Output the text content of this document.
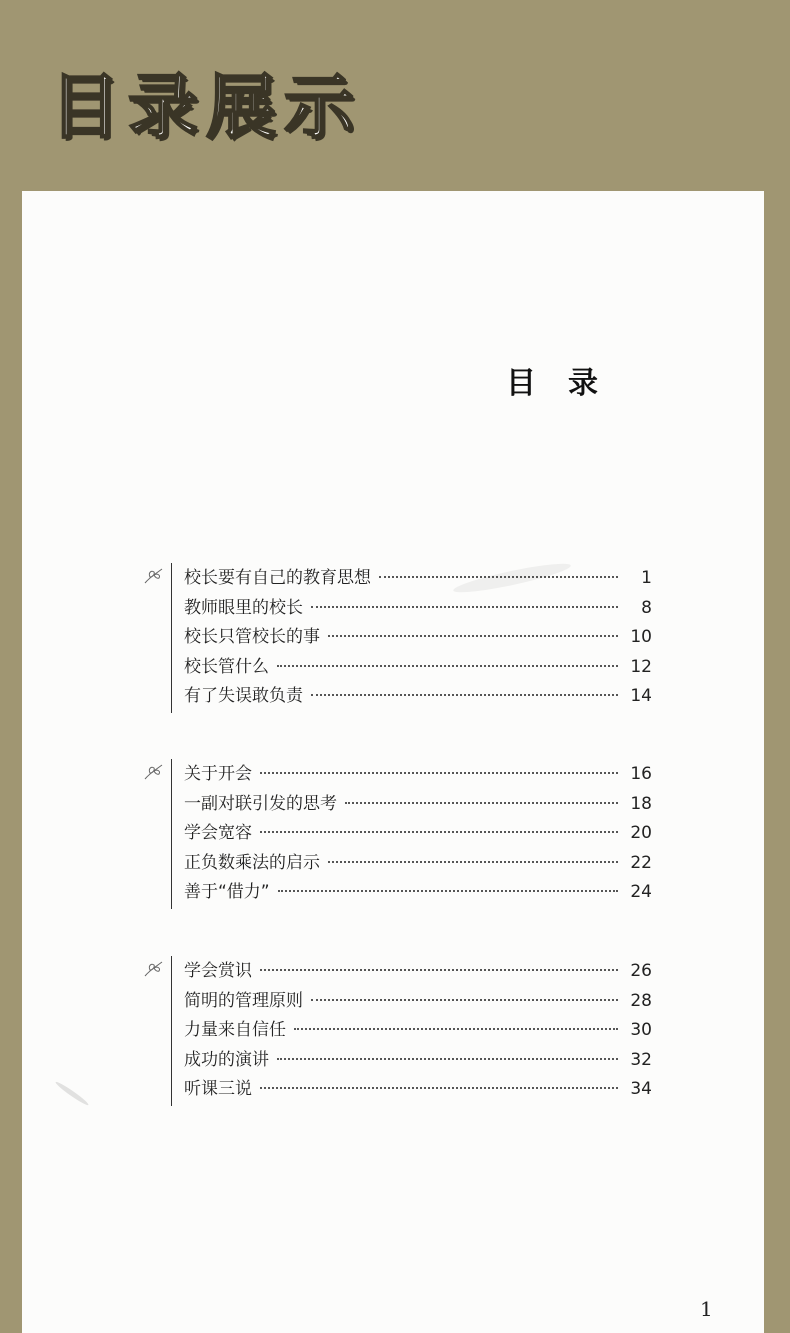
目录展示
目录
校长要有自己的教育思想	1
教师眼里的校长	8
校长只管校长的事	10
校长管什么	12
有了失误敢负责	14
关于开会	16
一副对联引发的思考	18
学会宽容	20
正负数乘法的启示	22
善于“借力”	24
学会赏识	26
简明的管理原则	28
力量来自信任	30
成功的演讲	32
听课三说	34
1
